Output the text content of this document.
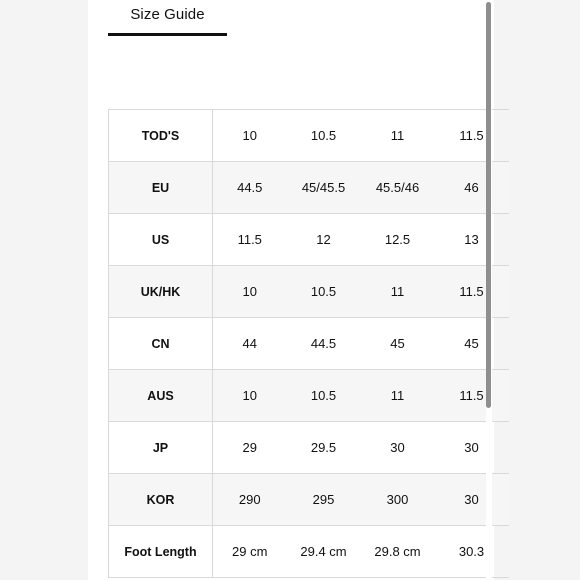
Size Guide
TOD'S	10	10.5	11	11.5
EU	44.5	45/45.5	45.5/46	46
US	11.5	12	12.5	13
UK/HK	10	10.5	11	11.5
CN	44	44.5	45	45
AUS	10	10.5	11	11.5
JP	29	29.5	30	30
KOR	290	295	300	30
Foot Length	29 cm	29.4 cm	29.8 cm	30.3
